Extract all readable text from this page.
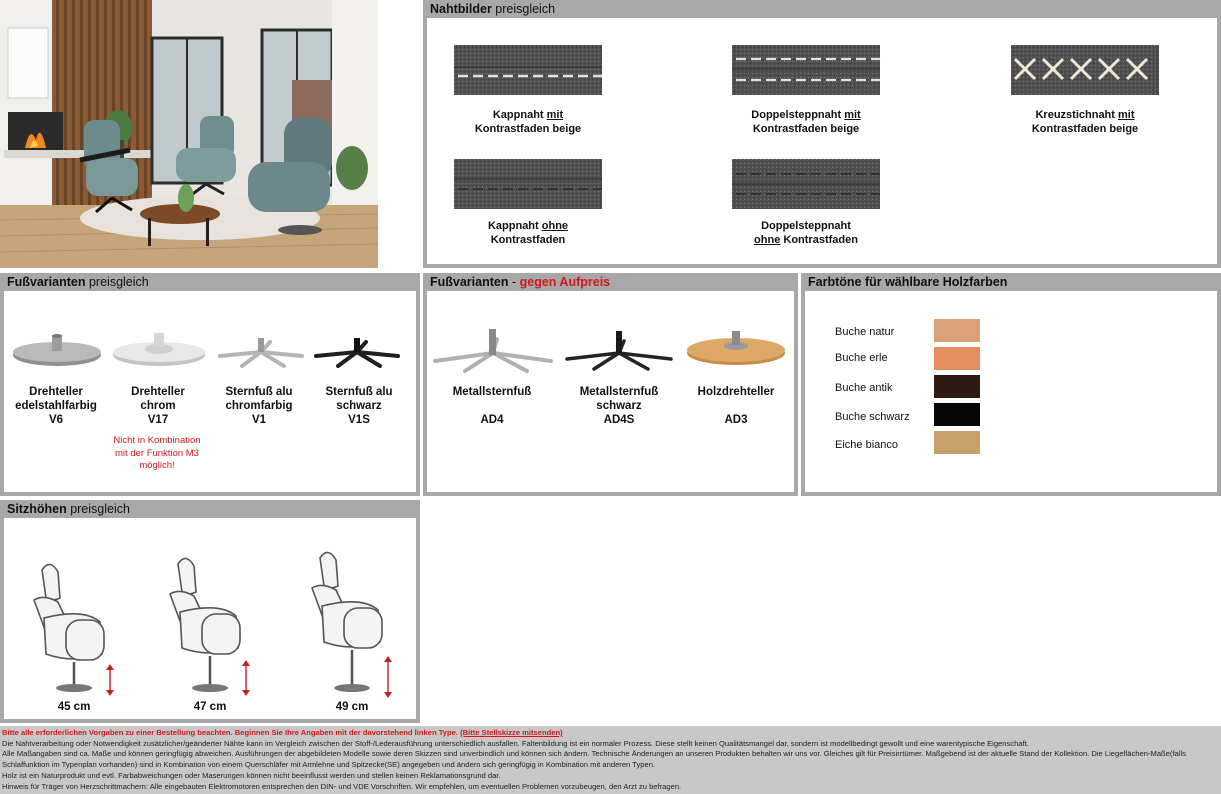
Nahtbilder preisgleich
Kappnaht mit
Kontrastfaden beige
Doppelsteppnaht mit
Kontrastfaden beige
Kreuzstichnaht mit
Kontrastfaden beige
Kappnaht ohne
Kontrastfaden
Doppelsteppnaht
ohne Kontrastfaden
Fußvarianten preisgleich
Drehteller
edelstahlfarbig
V6
Drehteller
chrom
V17
Sternfuß alu
chromfarbig
V1
Sternfuß alu
schwarz
V1S
Nicht in Kombination
mit der Funktion M3
möglich!
Fußvarianten - gegen Aufpreis
Metallsternfuß

AD4
Metallsternfuß
schwarz
AD4S
Holzdrehteller

AD3
Farbtöne für wählbare Holzfarben
Buche natur
Buche erle
Buche antik
Buche schwarz
Eiche bianco
Sitzhöhen preisgleich
45 cm	47 cm	49 cm
Bitte alle erforderlichen Vorgaben zu einer Bestellung beachten. Beginnen Sie Ihre Angaben mit der davorstehend linken Type. (Bitte Stellskizze mitsenden)
Die Nahtverarbeitung oder Notwendigkeit zusätzlicher/geänderter Nähte kann im Vergleich zwischen der Stoff-/Lederausführung unterschiedlich ausfallen. Faltenbildung ist ein normaler Prozess. Diese stellt keinen Qualitätsmangel dar, sondern ist modellbedingt gewollt und eine warentypische Eigenschaft.
Alle Maßangaben sind ca. Maße und können geringfügig abweichen. Ausführungen der abgebildeten Modelle sowie deren Skizzen sind unverbindlich und können sich ändern. Technische Änderungen an unseren Produkten behalten wir uns vor. Gleiches gilt für Preisirrtümer. Maßgebend ist der aktuelle Stand der Kollektion. Die Liegeflächen-Maße(falls Schlaffunktion im Typenplan vorhanden) sind in Kombination von einem Querschläfer mit Armlehne und Spitzecke(SE) angegeben und ändern sich geringfügig in Kombination mit anderen Typen.
Holz ist ein Naturprodukt und evtl. Farbabweichungen oder Maserungen können nicht beeinflusst werden und stellen keinen Reklamationsgrund dar.
Hinweis für Träger von Herzschrittmachern: Alle eingebauten Elektromotoren entsprechen den DIN- und VDE Vorschriften. Wir empfehlen, um eventuellen Problemen vorzubeugen, den Arzt zu befragen.
